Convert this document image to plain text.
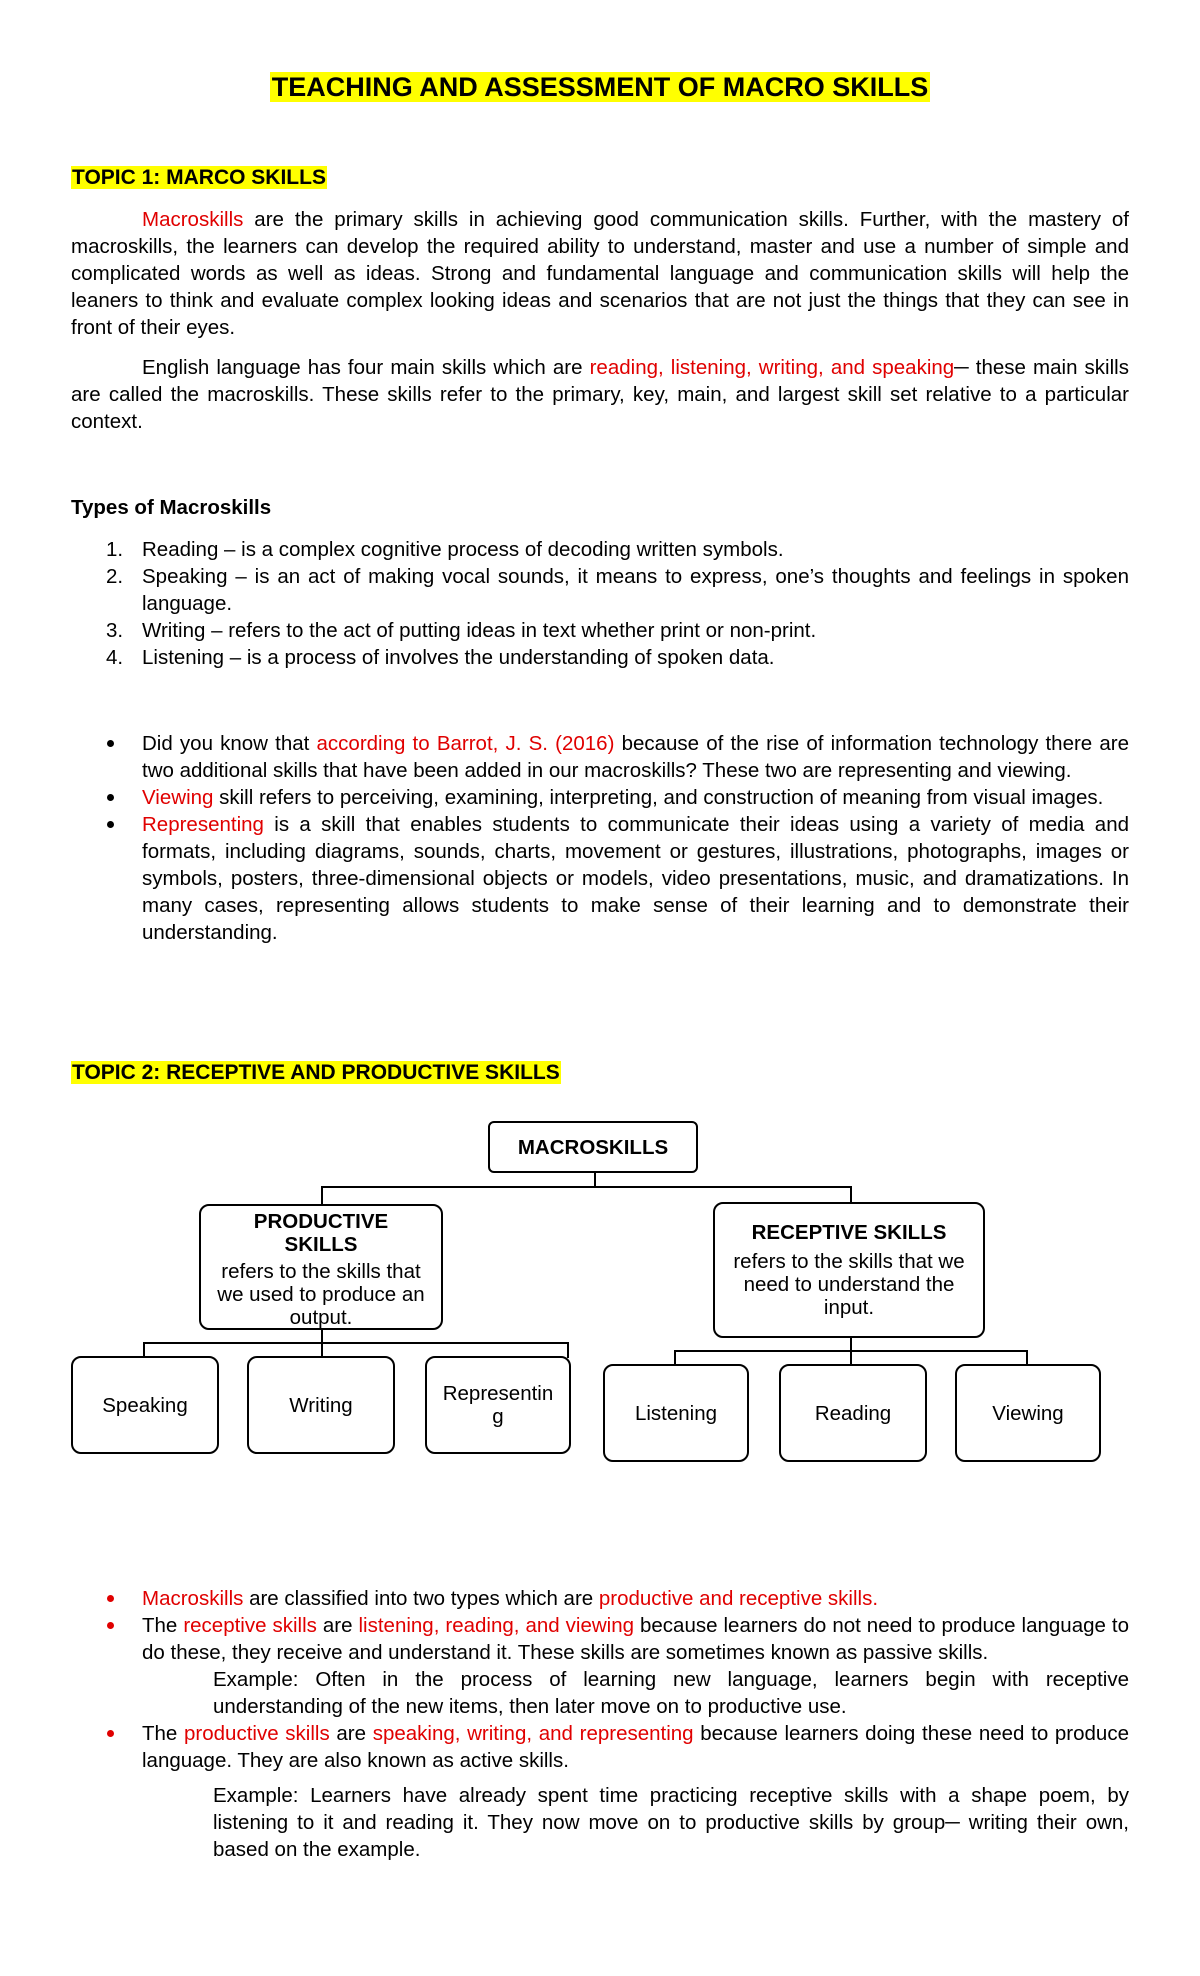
TEACHING AND ASSESSMENT OF MACRO SKILLS
TOPIC 1: MARCO SKILLS

Macroskills are the primary skills in achieving good communication skills. Further, with the mastery of macroskills, the learners can develop the required ability to understand, master and use a number of simple and complicated words as well as ideas. Strong and fundamental language and communication skills will help the leaners to think and evaluate complex looking ideas and scenarios that are not just the things that they can see in front of their eyes.

English language has four main skills which are reading, listening, writing, and speaking─ these main skills are called the macroskills. These skills refer to the primary, key, main, and largest skill set relative to a particular context.

Types of Macroskills
1. Reading – is a complex cognitive process of decoding written symbols.
2. Speaking – is an act of making vocal sounds, it means to express, one’s thoughts and feelings in spoken language.
3. Writing – refers to the act of putting ideas in text whether print or non-print.
4. Listening – is a process of involves the understanding of spoken data.
Did you know that according to Barrot, J. S. (2016) because of the rise of information technology there are two additional skills that have been added in our macroskills? These two are representing and viewing.
Viewing skill refers to perceiving, examining, interpreting, and construction of meaning from visual images.
Representing is a skill that enables students to communicate their ideas using a variety of media and formats, including diagrams, sounds, charts, movement or gestures, illustrations, photographs, images or symbols, posters, three-dimensional objects or models, video presentations, music, and dramatizations. In many cases, representing allows students to make sense of their learning and to demonstrate their understanding.
TOPIC 2: RECEPTIVE AND PRODUCTIVE SKILLS
MACROSKILLS
PRODUCTIVE SKILLS
refers to the skills that we used to produce an output.
RECEPTIVE SKILLS
refers to the skills that we need to understand the input.
Speaking	Writing	Representin g	Listening	Reading	Viewing
Macroskills are classified into two types which are productive and receptive skills.
The receptive skills are listening, reading, and viewing because learners do not need to produce language to do these, they receive and understand it. These skills are sometimes known as passive skills.
Example: Often in the process of learning new language, learners begin with receptive understanding of the new items, then later move on to productive use.
The productive skills are speaking, writing, and representing because learners doing these need to produce language. They are also known as active skills.
Example: Learners have already spent time practicing receptive skills with a shape poem, by listening to it and reading it. They now move on to productive skills by group─ writing their own, based on the example.
